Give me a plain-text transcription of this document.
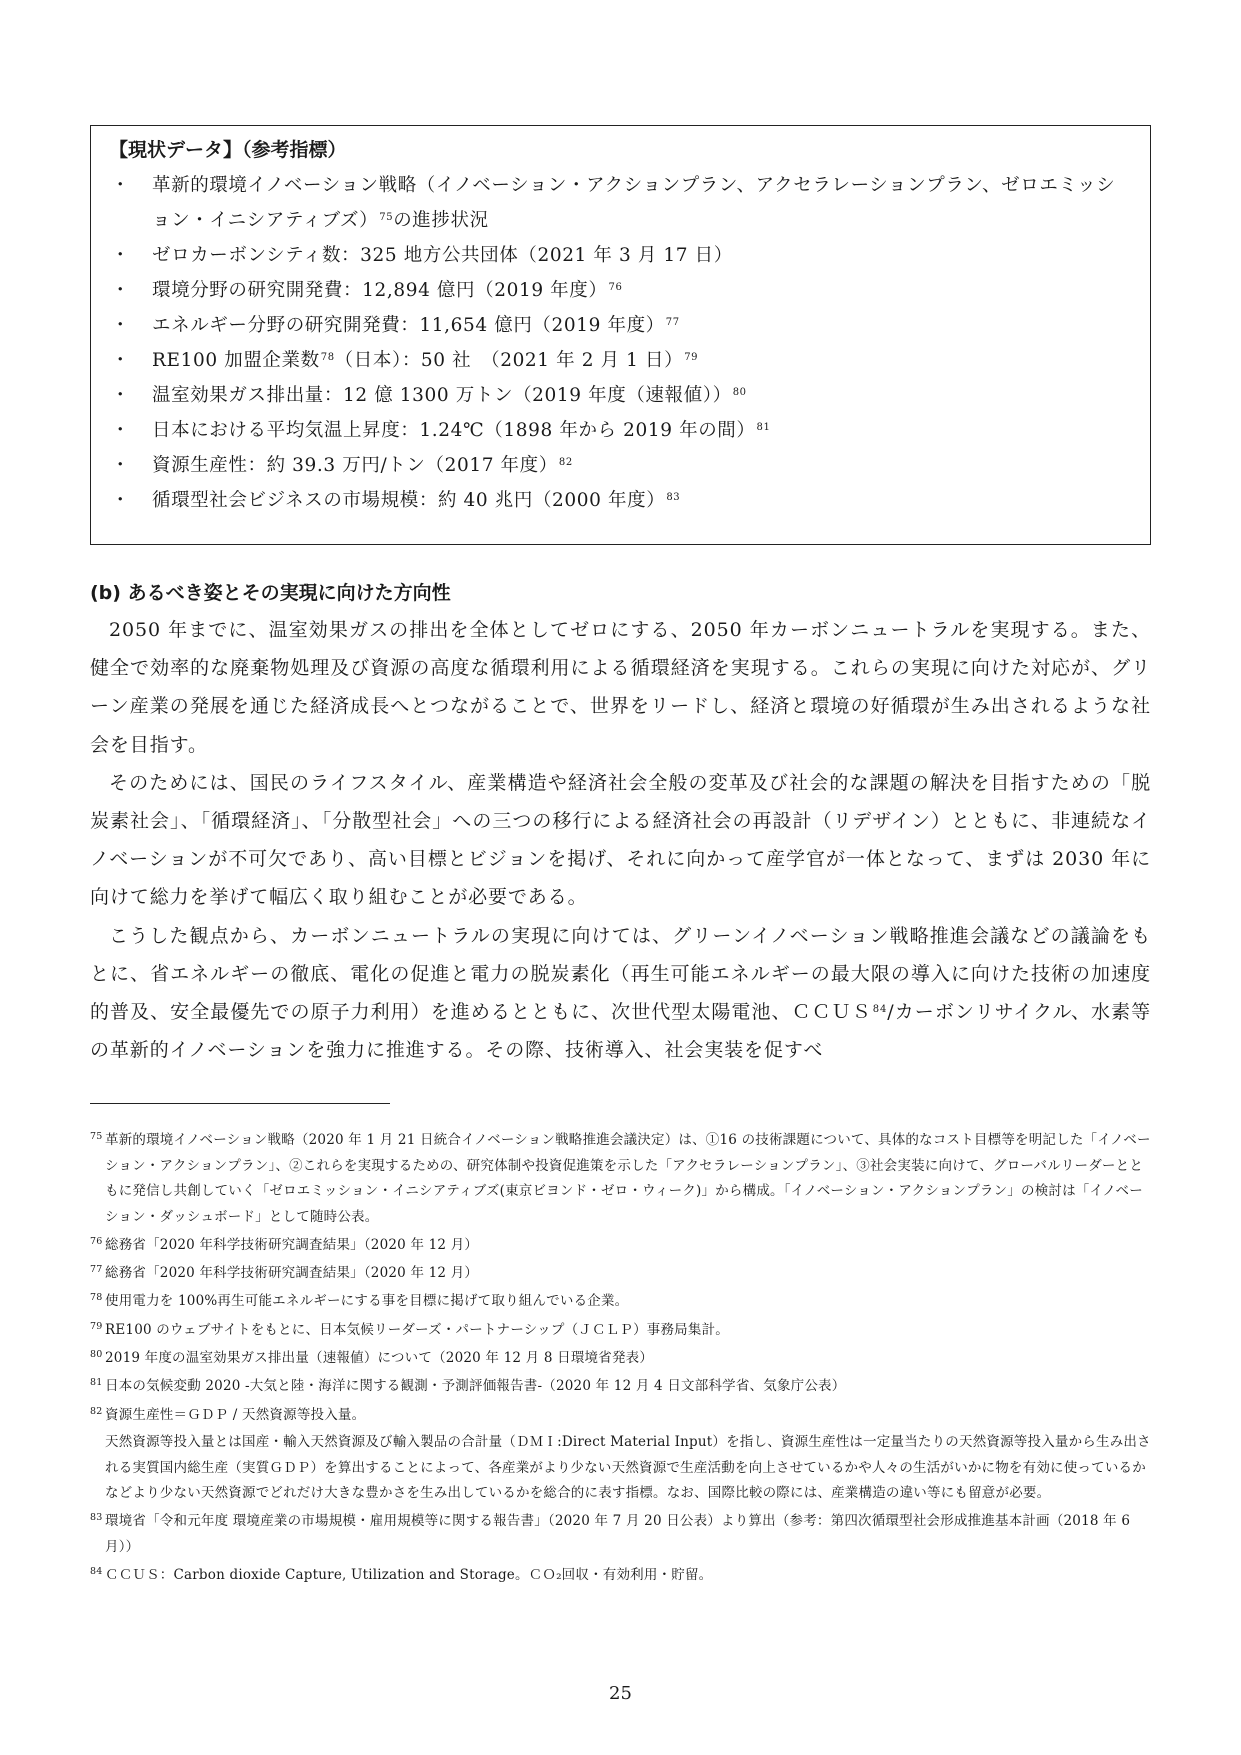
【現状データ】（参考指標）
・ 革新的環境イノベーション戦略（イノベーション・アクションプラン、アクセラレーションプラン、ゼロエミッション・イニシアティブズ）$^{75}$の進捗状況
・ ゼロカーボンシティ数：325 地方公共団体（2021 年 3 月 17 日）
・ 環境分野の研究開発費：12,894 億円（2019 年度）$^{76}$
・ エネルギー分野の研究開発費：11,654 億円（2019 年度）$^{77}$
・ RE100 加盟企業数$^{78}$（日本）：50 社　（2021 年 2 月 1 日）$^{79}$
・ 温室効果ガス排出量：12 億 1300 万トン（2019 年度（速報値））$^{80}$
・ 日本における平均気温上昇度：1.24℃（1898 年から 2019 年の間）$^{81}$
・ 資源生産性：約 39.3 万円/トン（2017 年度）$^{82}$
・ 循環型社会ビジネスの市場規模：約 40 兆円（2000 年度）$^{83}$
(b) あるべき姿とその実現に向けた方向性

2050 年までに、温室効果ガスの排出を全体としてゼロにする、2050 年カーボンニュートラルを実現する。また、健全で効率的な廃棄物処理及び資源の高度な循環利用による循環経済を実現する。これらの実現に向けた対応が、グリーン産業の発展を通じた経済成長へとつながることで、世界をリードし、経済と環境の好循環が生み出されるような社会を目指す。

そのためには、国民のライフスタイル、産業構造や経済社会全般の変革及び社会的な課題の解決を目指すための「脱炭素社会」、「循環経済」、「分散型社会」への三つの移行による経済社会の再設計（リデザイン）とともに、非連続なイノベーションが不可欠であり、高い目標とビジョンを掲げ、それに向かって産学官が一体となって、まずは 2030 年に向けて総力を挙げて幅広く取り組むことが必要である。

こうした観点から、カーボンニュートラルの実現に向けては、グリーンイノベーション戦略推進会議などの議論をもとに、省エネルギーの徹底、電化の促進と電力の脱炭素化（再生可能エネルギーの最大限の導入に向けた技術の加速度的普及、安全最優先での原子力利用）を進めるとともに、次世代型太陽電池、ＣＣＵＳ$^{84}$/カーボンリサイクル、水素等の革新的イノベーションを強力に推進する。その際、技術導入、社会実装を促すべ

75 革新的環境イノベーション戦略（2020 年 1 月 21 日統合イノベーション戦略推進会議決定）は、①16 の技術課題について、具体的なコスト目標等を明記した「イノベーション・アクションプラン」、②これらを実現するための、研究体制や投資促進策を示した「アクセラレーションプラン」、③社会実装に向けて、グローバルリーダーとともに発信し共創していく「ゼロエミッション・イニシアティブズ(東京ビヨンド・ゼロ・ウィーク)」から構成。「イノベーション・アクションプラン」の検討は「イノベーション・ダッシュボード」として随時公表。
76 総務省「2020 年科学技術研究調査結果」（2020 年 12 月）
77 総務省「2020 年科学技術研究調査結果」（2020 年 12 月）
78 使用電力を 100%再生可能エネルギーにする事を目標に掲げて取り組んでいる企業。
79 RE100 のウェブサイトをもとに、日本気候リーダーズ・パートナーシップ（ＪＣＬＰ）事務局集計。
80 2019 年度の温室効果ガス排出量（速報値）について（2020 年 12 月 8 日環境省発表）
81 日本の気候変動 2020 -大気と陸・海洋に関する観測・予測評価報告書-（2020 年 12 月 4 日文部科学省、気象庁公表）
82 資源生産性＝ＧＤＰ / 天然資源等投入量。
天然資源等投入量とは国産・輸入天然資源及び輸入製品の合計量（ＤＭＩ:Direct Material Input）を指し、資源生産性は一定量当たりの天然資源等投入量から生み出される実質国内総生産（実質ＧＤＰ）を算出することによって、各産業がより少ない天然資源で生産活動を向上させているかや人々の生活がいかに物を有効に使っているかなどより少ない天然資源でどれだけ大きな豊かさを生み出しているかを総合的に表す指標。なお、国際比較の際には、産業構造の違い等にも留意が必要。
83 環境省「令和元年度 環境産業の市場規模・雇用規模等に関する報告書」（2020 年 7 月 20 日公表）より算出（参考：第四次循環型社会形成推進基本計画（2018 年 6 月））
84 ＣＣＵＳ：Carbon dioxide Capture, Utilization and Storage。ＣＯ₂回収・有効利用・貯留。
25
